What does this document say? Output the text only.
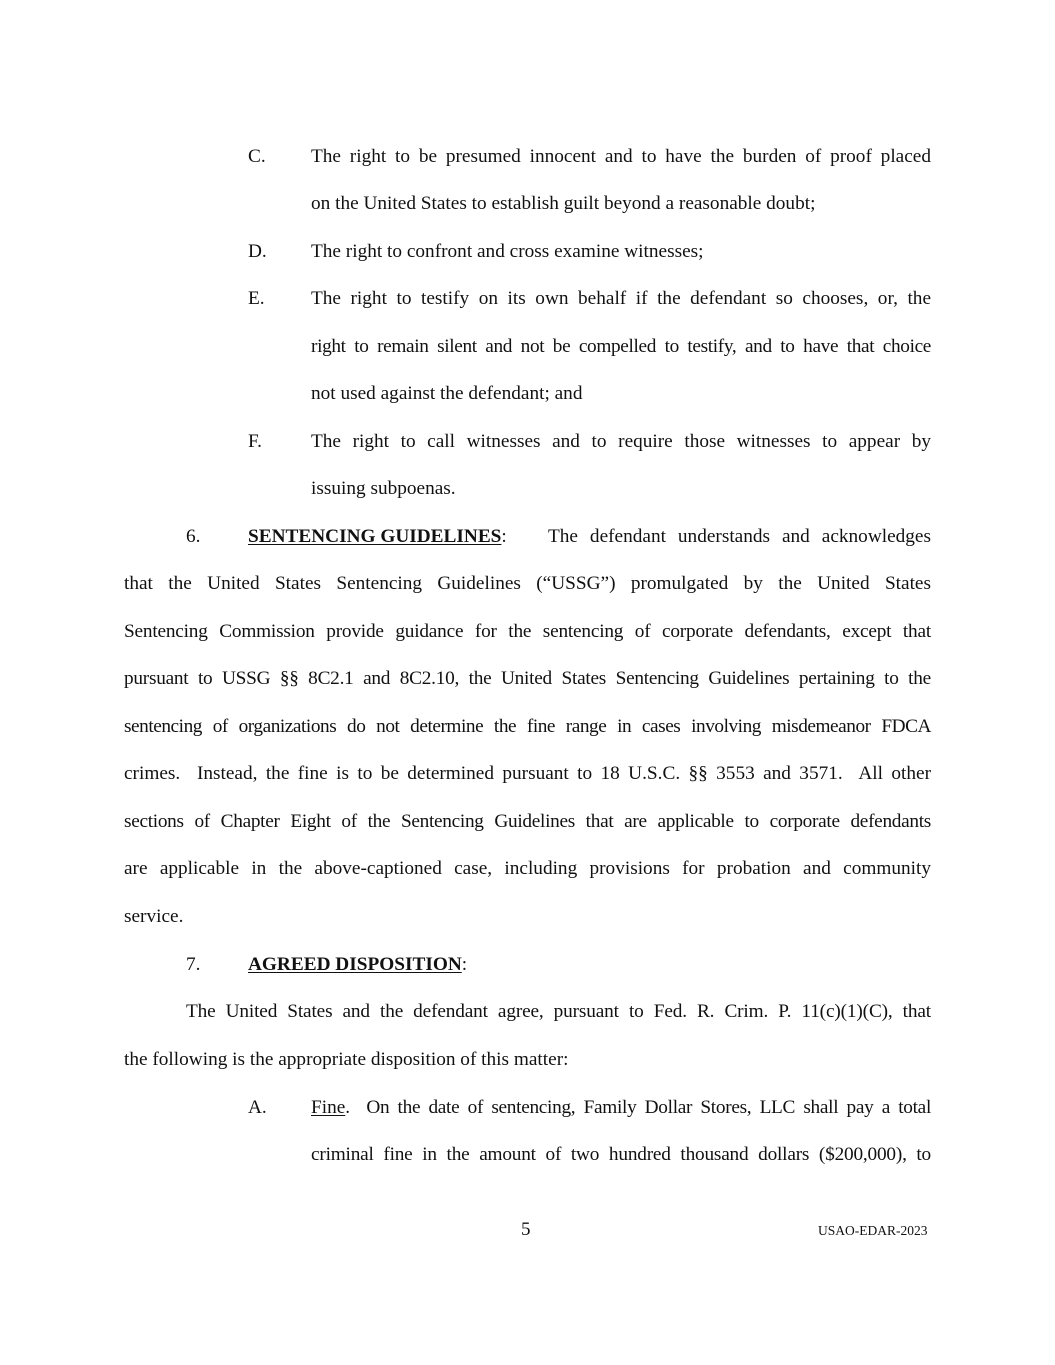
C. The right to be presumed innocent and to have the burden of proof placed
on the United States to establish guilt beyond a reasonable doubt;
D. The right to confront and cross examine witnesses;
E. The right to testify on its own behalf if the defendant so chooses, or, the
right to remain silent and not be compelled to testify, and to have that choice
not used against the defendant; and
F.	The right to call witnesses and to require those witnesses to appear by
issuing subpoenas.
6. SENTENCING GUIDELINES: The defendant understands and acknowledges
that the United States Sentencing Guidelines (“USSG”) promulgated by the United States
Sentencing Commission provide guidance for the sentencing of corporate defendants, except that
pursuant to USSG §§ 8C2.1 and 8C2.10, the United States Sentencing Guidelines pertaining to the
sentencing of organizations do not determine the fine range in cases involving misdemeanor FDCA
crimes.  Instead, the fine is to be determined pursuant to 18 U.S.C. §§ 3553 and 3571.  All other
sections of Chapter Eight of the Sentencing Guidelines that are applicable to corporate defendants
are applicable in the above-captioned case, including provisions for probation and community
service.
7. AGREED DISPOSITION:
The United States and the defendant agree, pursuant to Fed. R. Crim. P. 11(c)(1)(C), that
the following is the appropriate disposition of this matter:
A. Fine .  On the date of sentencing, Family Dollar Stores, LLC shall pay a total
criminal fine in the amount of two hundred thousand dollars ($200,000), to
5	USAO-EDAR-2023
